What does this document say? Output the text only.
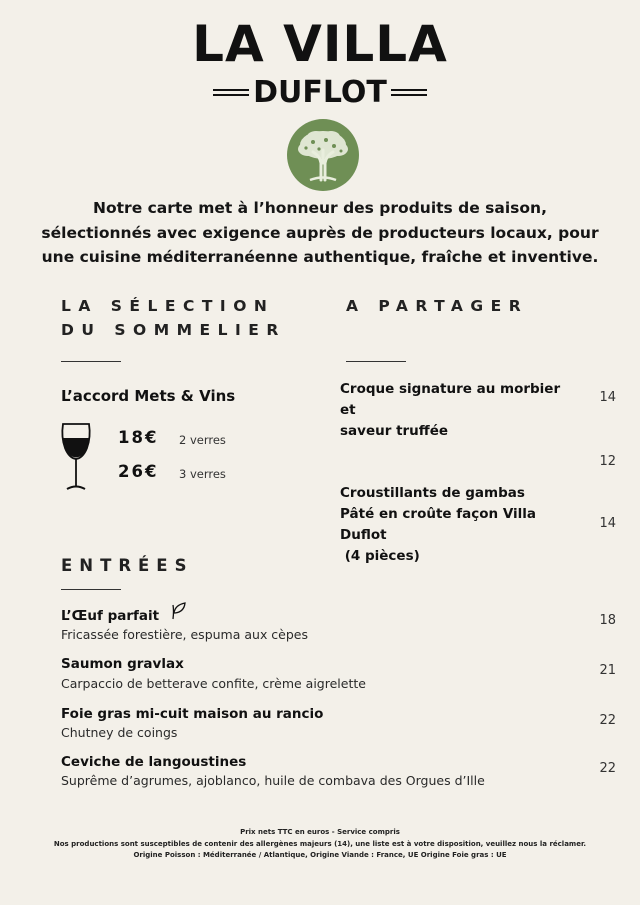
LA VILLA
DUFLOT
Notre carte met à l’honneur des produits de saison, sélectionnés avec exigence auprès de producteurs locaux, pour une cuisine méditerranéenne authentique, fraîche et inventive.
LA SÉLECTION
DU SOMMELIER
L’accord Mets & Vins
18€ 2 verres
26€ 3 verres
A PARTAGER
Croque signature au morbier et
saveur truffée
14

Croustillants de gambas

(4 pièces)

12
Pâté en croûte façon Villa Duflot
14
ENTRÉES
L’Œuf parfait
Fricassée forestière, espuma aux cèpes
18
Saumon gravlax
Carpaccio de betterave confite, crème aigrelette
21
Foie gras mi-cuit maison au rancio
Chutney de coings
22
Ceviche de langoustines
Suprême d’agrumes, ajoblanco, huile de combava des Orgues d’Ille
22
Prix nets TTC en euros - Service compris
Nos productions sont susceptibles de contenir des allergènes majeurs (14), une liste est à votre disposition, veuillez nous la réclamer.
Origine Poisson : Méditerranée / Atlantique, Origine Viande : France, UE Origine Foie gras : UE
